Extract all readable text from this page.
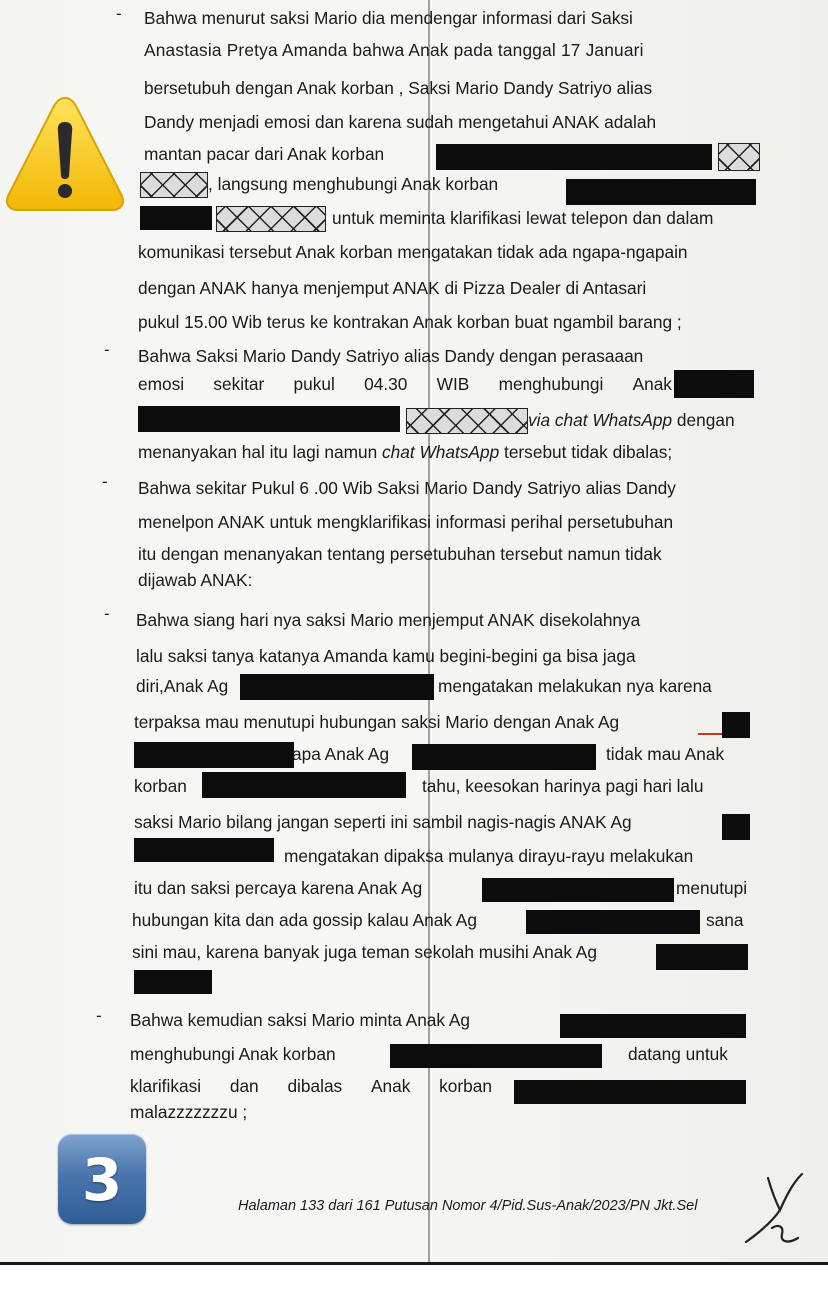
- Bahwa menurut saksi Mario dia mendengar informasi dari Saksi
Anastasia Pretya Amanda bahwa Anak pada tanggal 17 Januari
bersetubuh dengan Anak korban , Saksi Mario Dandy Satriyo alias
Dandy menjadi emosi dan karena sudah mengetahui ANAK adalah
mantan pacar dari Anak korban
, langsung menghubungi Anak korban
untuk meminta klarifikasi lewat telepon dan dalam
komunikasi tersebut Anak korban mengatakan tidak ada ngapa-ngapain
dengan ANAK hanya menjemput ANAK di Pizza Dealer di Antasari
pukul 15.00 Wib terus ke kontrakan Anak korban buat ngambil barang ;
- Bahwa Saksi Mario Dandy Satriyo alias Dandy dengan perasaaan
emosi sekitar pukul 04.30 WIB menghubungi Anak
via chat WhatsApp dengan
menanyakan hal itu lagi namun chat WhatsApp tersebut tidak dibalas;
- Bahwa sekitar Pukul 6 .00 Wib Saksi Mario Dandy Satriyo alias Dandy
menelpon ANAK untuk mengklarifikasi informasi perihal persetubuhan
itu dengan menanyakan tentang persetubuhan tersebut namun tidak
dijawab ANAK:
- Bahwa siang hari nya saksi Mario menjemput ANAK disekolahnya
lalu saksi tanya katanya Amanda kamu begini-begini ga bisa jaga
diri,Anak Ag	mengatakan melakukan nya karena
terpaksa mau menutupi hubungan saksi Mario dengan Anak Ag
apa Anak Ag	tidak mau Anak
korban	tahu, keesokan harinya pagi hari lalu
saksi Mario bilang jangan seperti ini sambil nagis-nagis ANAK Ag
mengatakan dipaksa mulanya dirayu-rayu melakukan
itu dan saksi percaya karena Anak Ag	menutupi
hubungan kita dan ada gossip kalau Anak Ag	sana
sini mau, karena banyak juga teman sekolah musihi Anak Ag
- Bahwa kemudian saksi Mario minta Anak Ag
menghubungi Anak korban	datang untuk
klarifikasi dan dibalas Anak korban
malazzzzzzzu ;
Halaman 133 dari 161 Putusan Nomor 4/Pid.Sus-Anak/2023/PN Jkt.Sel
3
